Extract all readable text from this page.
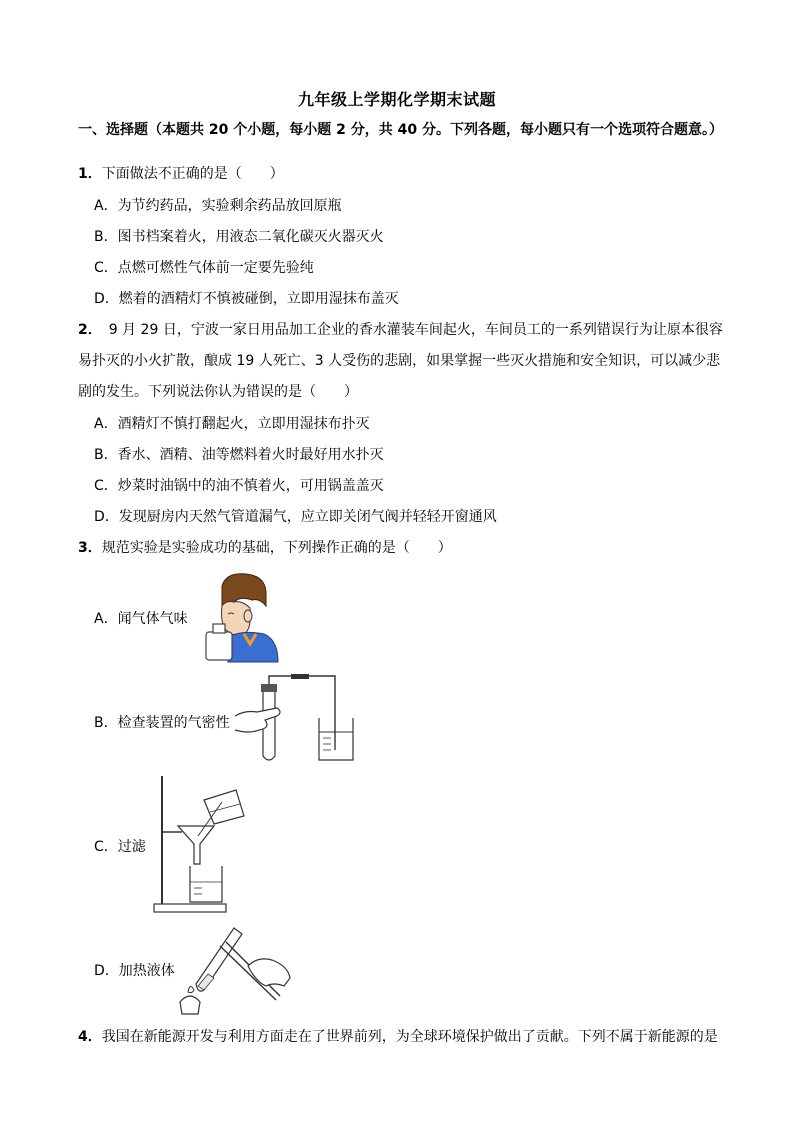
九年级上学期化学期末试题
一、选择题（本题共 20 个小题，每小题 2 分，共 40 分。下列各题，每小题只有一个选项符合题意。）
1．下面做法不正确的是（　　）
A．为节约药品，实验剩余药品放回原瓶
B．图书档案着火，用液态二氧化碳灭火器灭火
C．点燃可燃性气体前一定要先验纯
D．燃着的酒精灯不慎被碰倒，立即用湿抹布盖灭
2．　9 月 29 日，宁波一家日用品加工企业的香水灌装车间起火，车间员工的一系列错误行为让原本很容
易扑灭的小火扩散，酿成 19 人死亡、3 人受伤的悲剧，如果掌握一些灭火措施和安全知识，可以减少悲
剧的发生。下列说法你认为错误的是（　　）
A．酒精灯不慎打翻起火，立即用湿抹布扑灭
B．香水、酒精、油等燃料着火时最好用水扑灭
C．炒菜时油锅中的油不慎着火，可用锅盖盖灭
D．发现厨房内天然气管道漏气，应立即关闭气阀并轻轻开窗通风
3．规范实验是实验成功的基础，下列操作正确的是（　　）
A．闻气体气味
B．检查装置的气密性
C．过滤
D．加热液体
4．我国在新能源开发与利用方面走在了世界前列，为全球环境保护做出了贡献。下列不属于新能源的是
